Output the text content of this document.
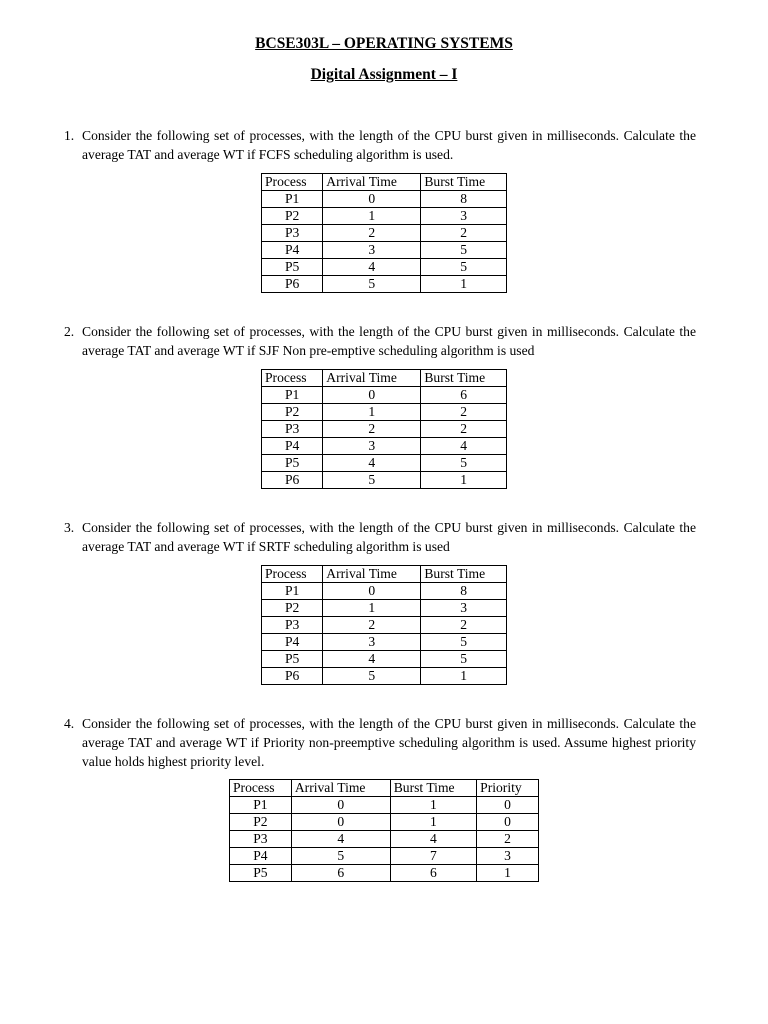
BCSE303L – OPERATING SYSTEMS
Digital Assignment – I
1. Consider the following set of processes, with the length of the CPU burst given in milliseconds. Calculate the average TAT and average WT if FCFS scheduling algorithm is used.
Process	Arrival Time	Burst Time
P1	0	8
P2	1	3
P3	2	2
P4	3	5
P5	4	5
P6	5	1
2. Consider the following set of processes, with the length of the CPU burst given in milliseconds. Calculate the average TAT and average WT if SJF Non pre-emptive scheduling algorithm is used
Process	Arrival Time	Burst Time
P1	0	6
P2	1	2
P3	2	2
P4	3	4
P5	4	5
P6	5	1
3. Consider the following set of processes, with the length of the CPU burst given in milliseconds. Calculate the average TAT and average WT if SRTF scheduling algorithm is used
Process	Arrival Time	Burst Time
P1	0	8
P2	1	3
P3	2	2
P4	3	5
P5	4	5
P6	5	1
4. Consider the following set of processes, with the length of the CPU burst given in milliseconds. Calculate the average TAT and average WT if Priority non-preemptive scheduling algorithm is used. Assume highest priority value holds highest priority level.
Process	Arrival Time	Burst Time	Priority
P1	0	1	0
P2	0	1	0
P3	4	4	2
P4	5	7	3
P5	6	6	1
